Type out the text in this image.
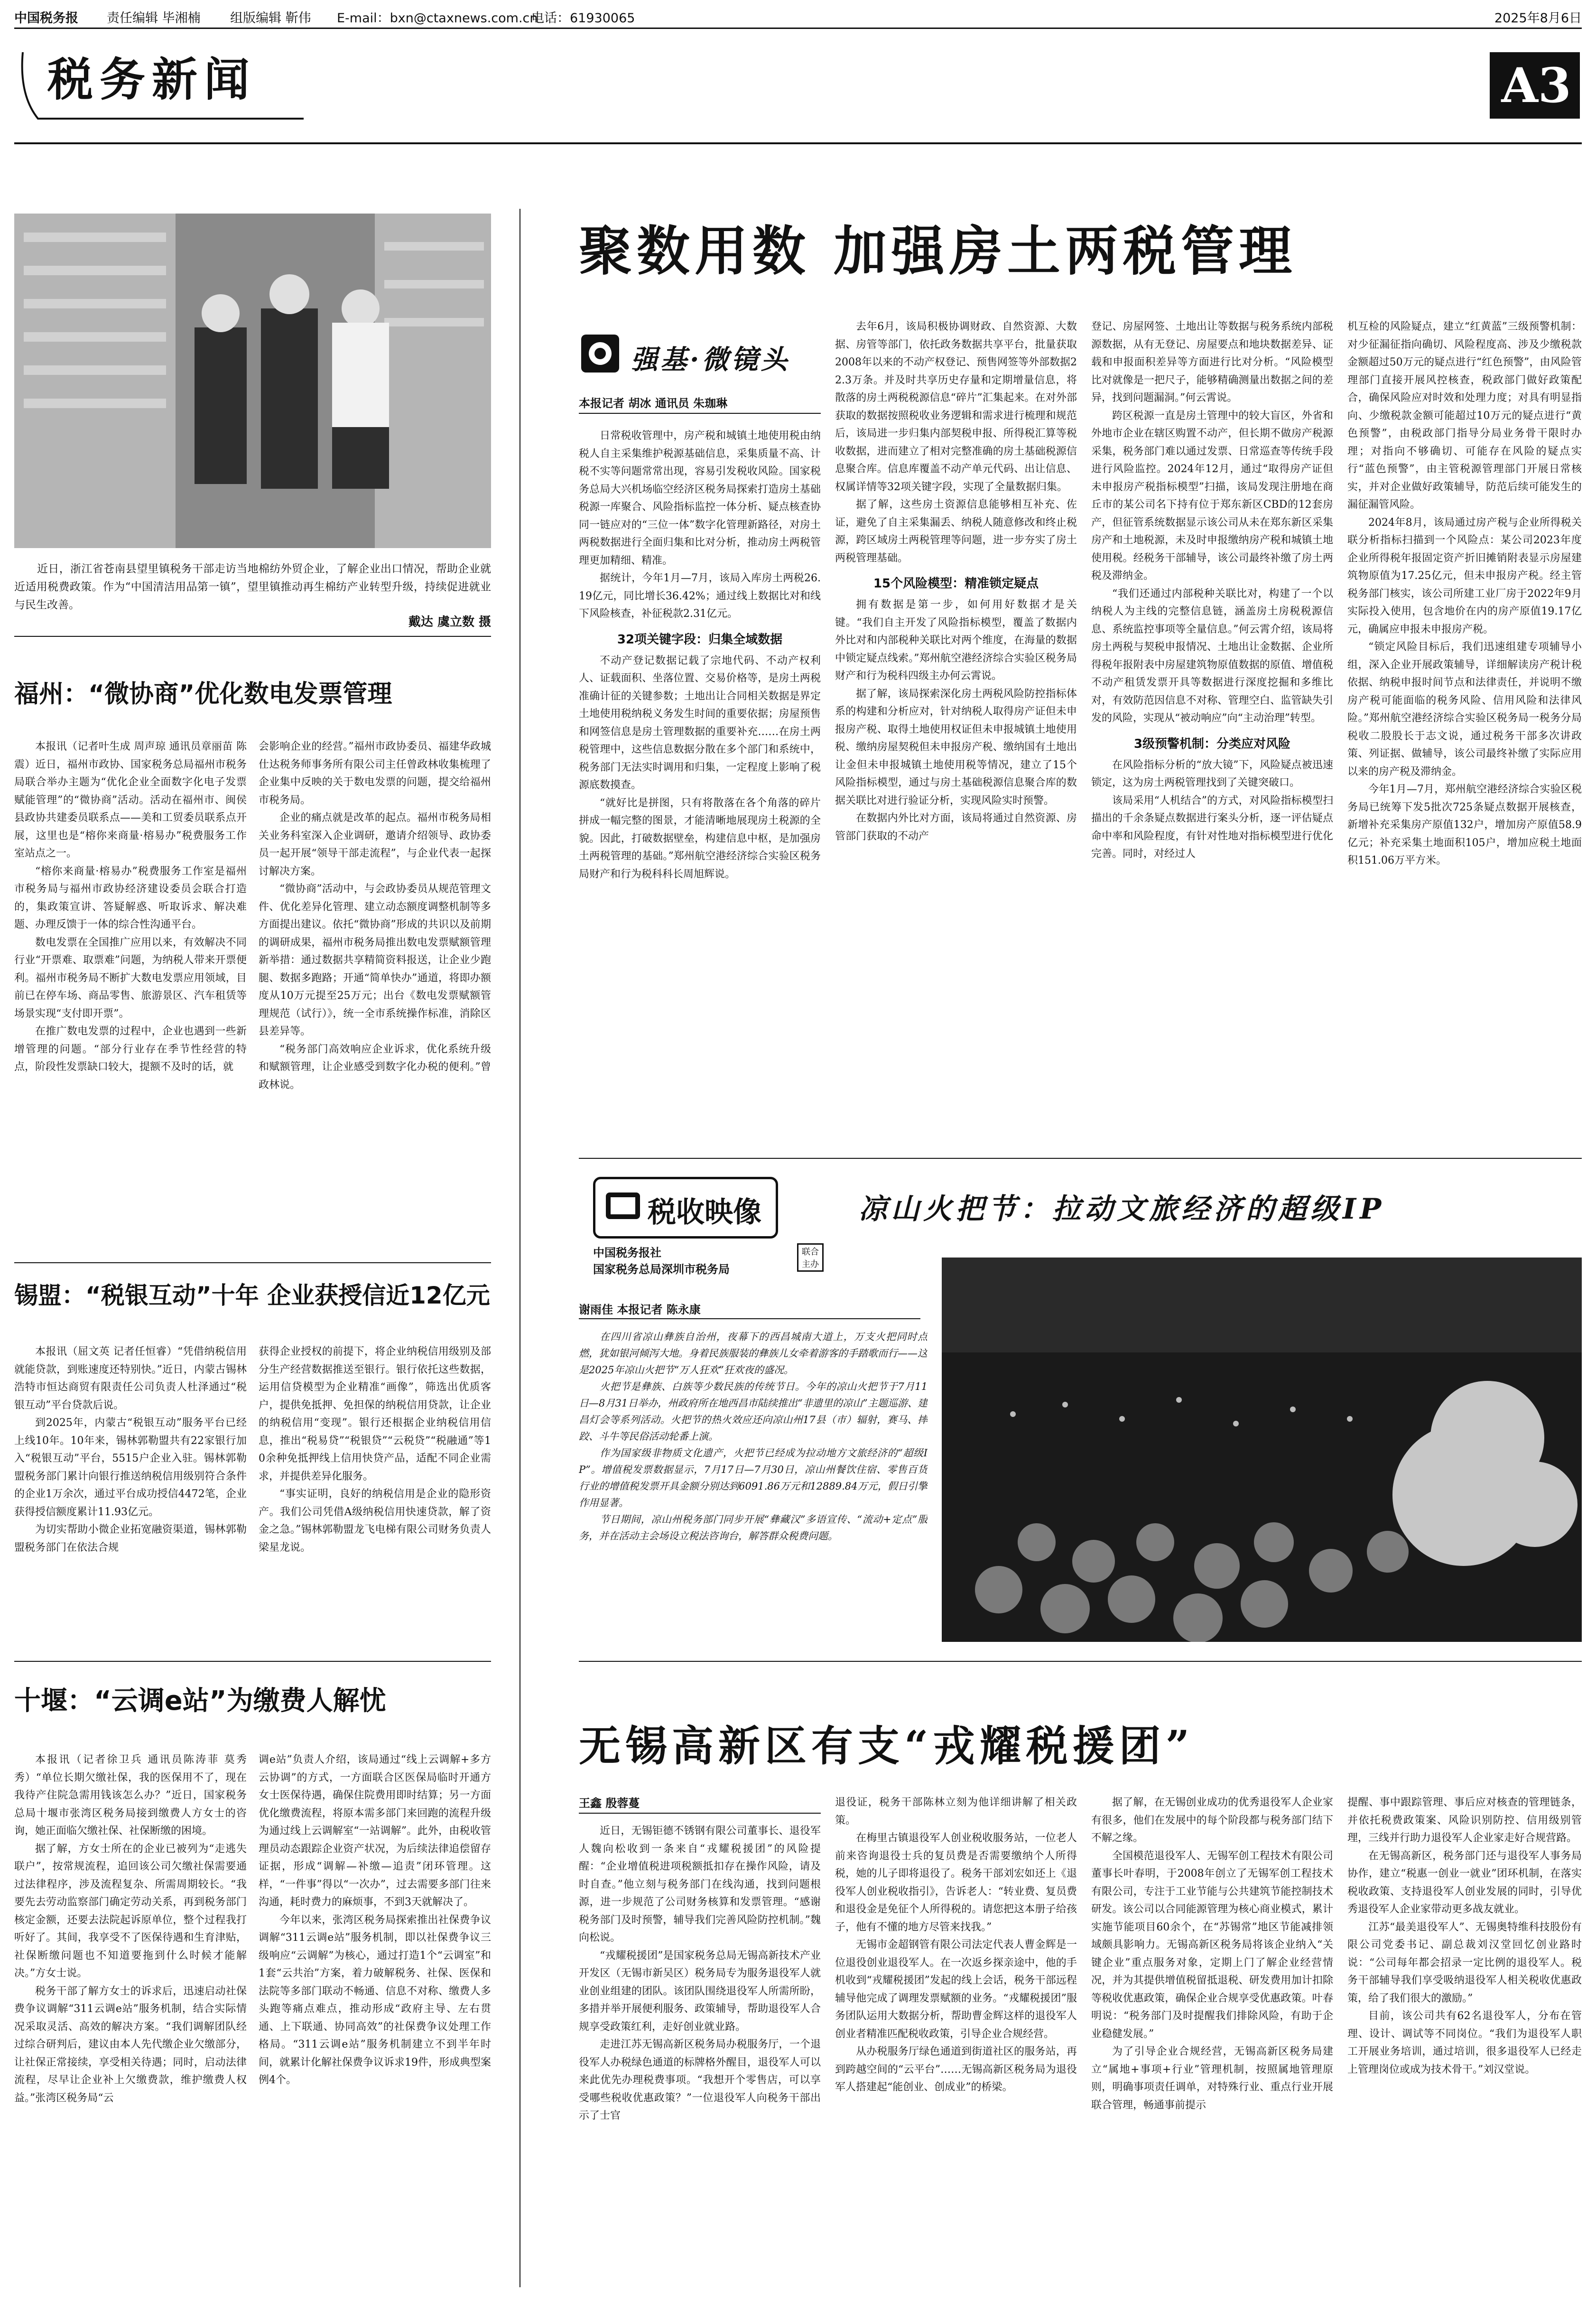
中国税务报 责任编辑 毕湘楠 组版编辑 靳伟 E-mail：bxn@ctaxnews.com.cn
电话：61930065	2025年8月6日
税务新闻	A3
近日，浙江省苍南县望里镇税务干部走访当地棉纺外贸企业，了解企业出口情况，帮助企业就近适用税费政策。作为“中国清洁用品第一镇”，望里镇推动再生棉纺产业转型升级，持续促进就业与民生改善。
戴达 虞立数 摄
福州：“微协商”优化数电发票管理

本报讯（记者叶生成 周声琼 通讯员章丽苗 陈震）近日，福州市政协、国家税务总局福州市税务局联合举办主题为“优化企业全面数字化电子发票赋能管理”的“微协商”活动。活动在福州市、闽侯县政协共建委员联系点——美和工贸委员联系点开展，这里也是“榕你来商量·榕易办”税费服务工作室站点之一。

“榕你来商量·榕易办”税费服务工作室是福州市税务局与福州市政协经济建设委员会联合打造的，集政策宣讲、答疑解惑、听取诉求、解决难题、办理反馈于一体的综合性沟通平台。

数电发票在全国推广应用以来，有效解决不同行业“开票难、取票难”问题，为纳税人带来开票便利。福州市税务局不断扩大数电发票应用领域，目前已在停车场、商品零售、旅游景区、汽车租赁等场景实现“支付即开票”。

在推广数电发票的过程中，企业也遇到一些新增管理的问题。“部分行业存在季节性经营的特点，阶段性发票缺口较大，提额不及时的话，就

会影响企业的经营。”福州市政协委员、福建华政城仕达税务师事务所有限公司主任曾政林收集梳理了企业集中反映的关于数电发票的问题，提交给福州市税务局。

企业的痛点就是改革的起点。福州市税务局相关业务科室深入企业调研，邀请介绍领导、政协委员一起开展“领导干部走流程”，与企业代表一起探讨解决方案。

“微协商”活动中，与会政协委员从规范管理文件、优化差异化管理、建立动态额度调整机制等多方面提出建议。依托“微协商”形成的共识以及前期的调研成果，福州市税务局推出数电发票赋额管理新举措：通过数据共享精简资料报送，让企业少跑腿、数据多跑路；开通“简单快办”通道，将即办额度从10万元提至25万元；出台《数电发票赋额管理规范（试行）》，统一全市系统操作标准，消除区县差异等。

“税务部门高效响应企业诉求，优化系统升级和赋额管理，让企业感受到数字化办税的便利。”曾政林说。

锡盟：“税银互动”十年 企业获授信近12亿元

本报讯（屈文英 记者任恒睿）“凭借纳税信用就能贷款，到账速度还特别快。”近日，内蒙古锡林浩特市恒达商贸有限责任公司负责人杜泽通过“税银互动”平台贷款后说。

到2025年，内蒙古“税银互动”服务平台已经上线10年。10年来，锡林郭勒盟共有22家银行加入“税银互动”平台，5515户企业入驻。锡林郭勒盟税务部门累计向银行推送纳税信用级别符合条件的企业1万余次，通过平台成功授信4472笔，企业获得授信额度累计11.93亿元。

为切实帮助小微企业拓宽融资渠道，锡林郭勒盟税务部门在依法合规

获得企业授权的前提下，将企业纳税信用级别及部分生产经营数据推送至银行。银行依托这些数据，运用信贷模型为企业精准“画像”，筛选出优质客户，提供免抵押、免担保的纳税信用贷款，让企业的纳税信用“变现”。银行还根据企业纳税信用信息，推出“税易贷”“税银贷”“云税贷”“税融通”等10余种免抵押线上信用快贷产品，适配不同企业需求，并提供差异化服务。

“事实证明，良好的纳税信用是企业的隐形资产。我们公司凭借A级纳税信用快速贷款，解了资金之急。”锡林郭勒盟龙飞电梯有限公司财务负责人梁星龙说。

十堰：“云调e站”为缴费人解忧

本报讯（记者徐卫兵 通讯员陈涛菲 莫秀秀）“单位长期欠缴社保，我的医保用不了，现在我待产住院急需用钱该怎么办？”近日，国家税务总局十堰市张湾区税务局接到缴费人方女士的咨询，她正面临欠缴社保、社保断缴的困境。

据了解，方女士所在的企业已被列为“走逃失联户”，按常规流程，追回该公司欠缴社保需要通过法律程序，涉及流程复杂、所需周期较长。“我要先去劳动监察部门确定劳动关系，再到税务部门核定金额，还要去法院起诉原单位，整个过程我打听好了。其间，我享受不了医保待遇和生育津贴，社保断缴问题也不知道要拖到什么时候才能解决。”方女士说。

税务干部了解方女士的诉求后，迅速启动社保费争议调解“311云调e站”服务机制，结合实际情况采取灵活、高效的解决方案。“我们调解团队经过综合研判后，建议由本人先代缴企业欠缴部分，让社保正常接续，享受相关待遇；同时，启动法律流程，尽早让企业补上欠缴费款，维护缴费人权益。”张湾区税务局“云

调e站”负责人介绍，该局通过“线上云调解+多方云协调”的方式，一方面联合区医保局临时开通方女士医保待遇，确保住院费用即时结算；另一方面优化缴费流程，将原本需多部门来回跑的流程升级为通过线上云调解室“一站调解”。此外，由税收管理员动态跟踪企业资产状况，为后续法律追偿留存证据，形成“调解—补缴—追责”闭环管理。这样，“一件事”得以“一次办”，过去需要多部门往来沟通，耗时费力的麻烦事，不到3天就解决了。

今年以来，张湾区税务局探索推出社保费争议调解“311云调e站”服务机制，即以社保费争议三级响应“云调解”为核心，通过打造1个“云调室”和1套“云共治”方案，着力破解税务、社保、医保和法院等多部门联动不畅通、信息不对称、缴费人多头跑等痛点难点，推动形成“政府主导、左右贯通、上下联通、协同高效”的社保费争议处理工作格局。“311云调e站”服务机制建立不到半年时间，就累计化解社保费争议诉求19件，形成典型案例4个。

聚数用数 加强房土两税管理
强基·微镜头
本报记者 胡冰 通讯员 朱珈琳

日常税收管理中，房产税和城镇土地使用税由纳税人自主采集维护税源基础信息，采集质量不高、计税不实等问题常常出现，容易引发税收风险。国家税务总局大兴机场临空经济区税务局探索打造房土基础税源一库聚合、风险指标监控一体分析、疑点核查协同一链应对的“三位一体”数字化管理新路径，对房土两税数据进行全面归集和比对分析，推动房土两税管理更加精细、精准。

据统计，今年1月—7月，该局入库房土两税26.19亿元，同比增长36.42%；通过线上数据比对和线下风险核查，补征税款2.31亿元。

32项关键字段：归集全域数据

不动产登记数据记载了宗地代码、不动产权利人、证载面积、坐落位置、交易价格等，是房土两税准确计征的关键参数；土地出让合同相关数据是界定土地使用税纳税义务发生时间的重要依据；房屋预售和网签信息是房土管理数据的重要补充……在房土两税管理中，这些信息数据分散在多个部门和系统中，税务部门无法实时调用和归集，一定程度上影响了税源底数摸查。

“就好比是拼图，只有将散落在各个角落的碎片拼成一幅完整的图景，才能清晰地展现房土税源的全貌。因此，打破数据壁垒，构建信息中枢，是加强房土两税管理的基础。”郑州航空港经济综合实验区税务局财产和行为税科科长周旭辉说。

去年6月，该局积极协调财政、自然资源、大数据、房管等部门，依托政务数据共享平台，批量获取2008年以来的不动产权登记、预售网签等外部数据22.3万条。并及时共享历史存量和定期增量信息，将散落的房土两税税源信息“碎片”汇集起来。在对外部获取的数据按照税收业务逻辑和需求进行梳理和规范后，该局进一步归集内部契税申报、所得税汇算等税收数据，进而建立了相对完整准确的房土基础税源信息聚合库。信息库覆盖不动产单元代码、出让信息、权属详情等32项关键字段，实现了全量数据归集。

据了解，这些房土资源信息能够相互补充、佐证，避免了自主采集漏丢、纳税人随意修改和终止税源，跨区域房土两税管理等问题，进一步夯实了房土两税管理基础。

15个风险模型：精准锁定疑点

拥有数据是第一步，如何用好数据才是关键。“我们自主开发了风险指标模型，覆盖了数据内外比对和内部税种关联比对两个维度，在海量的数据中锁定疑点线索。”郑州航空港经济综合实验区税务局财产和行为税科四级主办何云霄说。

据了解，该局探索深化房土两税风险防控指标体系的构建和分析应对，针对纳税人取得房产证但未申报房产税、取得土地使用权证但未申报城镇土地使用税、缴纳房屋契税但未申报房产税、缴纳国有土地出让金但未申报城镇土地使用税等情况，建立了15个风险指标模型，通过与房土基础税源信息聚合库的数据关联比对进行验证分析，实现风险实时预警。

在数据内外比对方面，该局将通过自然资源、房管部门获取的不动产

登记、房屋网签、土地出让等数据与税务系统内部税源数据，从有无登记、房屋要点和地块数据差异、证载和申报面积差异等方面进行比对分析。“风险模型比对就像是一把尺子，能够精确测量出数据之间的差异，找到问题漏洞。”何云霄说。

跨区税源一直是房土管理中的较大盲区，外省和外地市企业在辖区购置不动产，但长期不做房产税源采集，税务部门难以通过发票、日常巡查等传统手段进行风险监控。2024年12月，通过“取得房产证但未申报房产税指标模型”扫描，该局发现注册地在商丘市的某公司名下持有位于郑东新区CBD的12套房产，但征管系统数据显示该公司从未在郑东新区采集房产和土地税源，未及时申报缴纳房产税和城镇土地使用税。经税务干部辅导，该公司最终补缴了房土两税及滞纳金。

“我们还通过内部税种关联比对，构建了一个以纳税人为主线的完整信息链，涵盖房土房税税源信息、系统监控事项等全量信息。”何云霄介绍，该局将房土两税与契税申报情况、土地出让金数据、企业所得税年报附表中房屋建筑物原值数据的原值、增值税不动产租赁发票开具等数据进行深度挖掘和多维比对，有效防范因信息不对称、管理空白、监管缺失引发的风险，实现从“被动响应”向“主动治理”转型。

3级预警机制：分类应对风险

在风险指标分析的“放大镜”下，风险疑点被迅速锁定，这为房土两税管理找到了关键突破口。

该局采用“人机结合”的方式，对风险指标模型扫描出的千余条疑点数据进行案头分析，逐一评估疑点命中率和风险程度，有针对性地对指标模型进行优化完善。同时，对经过人

机互检的风险疑点，建立“红黄蓝”三级预警机制：对少征漏征指向确切、风险程度高、涉及少缴税款金额超过50万元的疑点进行“红色预警”，由风险管理部门直接开展风控核查，税政部门做好政策配合，确保风险应对时效和处理力度；对具有明显指向、少缴税款金额可能超过10万元的疑点进行“黄色预警”，由税政部门指导分局业务骨干限时办理；对指向不够确切、可能存在风险的疑点实行“蓝色预警”，由主管税源管理部门开展日常核实，并对企业做好政策辅导，防范后续可能发生的漏征漏管风险。

2024年8月，该局通过房产税与企业所得税关联分析指标扫描到一个风险点：某公司2023年度企业所得税年报固定资产折旧摊销附表显示房屋建筑物原值为17.25亿元，但未申报房产税。经主管税务部门核实，该公司所建工业厂房于2022年9月实际投入使用，包含地价在内的房产原值19.17亿元，确属应申报未申报房产税。

“锁定风险目标后，我们迅速组建专项辅导小组，深入企业开展政策辅导，详细解读房产税计税依据、纳税申报时间节点和法律责任，并说明不缴房产税可能面临的税务风险、信用风险和法律风险。”郑州航空港经济综合实验区税务局一税务分局税收二股股长于志文说，通过税务干部多次讲政策、列证据、做辅导，该公司最终补缴了实际应用以来的房产税及滞纳金。

今年1月—7月，郑州航空港经济综合实验区税务局已统筹下发5批次725条疑点数据开展核查，新增补充采集房产原值132户，增加房产原值58.9亿元；补充采集土地面积105户，增加应税土地面积151.06万平方米。

税收映像
中国税务报社
国家税务总局深圳市税务局
联合主办
凉山火把节：拉动文旅经济的超级IP
谢雨佳 本报记者 陈永康

在四川省凉山彝族自治州，夜幕下的西昌城南大道上，万支火把同时点燃，犹如银河倾泻大地。身着民族服装的彝族儿女牵着游客的手踏歌而行——这是2025年凉山火把节“万人狂欢”狂欢夜的盛况。

火把节是彝族、白族等少数民族的传统节日。今年的凉山火把节于7月11日—8月31日举办，州政府所在地西昌市陆续推出“非遗里的凉山”主题巡游、建昌灯会等系列活动。火把节的热火效应还向凉山州17县（市）辐射，赛马、摔跤、斗牛等民俗活动轮番上演。

作为国家级非物质文化遗产，火把节已经成为拉动地方文旅经济的“超级IP”。增值税发票数据显示，7月17日—7月30日，凉山州餐饮住宿、零售百货行业的增值税发票开具金额分别达到6091.86万元和12889.84万元，假日引擎作用显著。

节日期间，凉山州税务部门同步开展“彝藏汉”多语宣传、“流动+定点”服务，并在活动主会场设立税法咨询台，解答群众税费问题。

无锡高新区有支“戎耀税援团”
王鑫 殷蓉蔓

近日，无锡钜德不锈钢有限公司董事长、退役军人魏向松收到一条来自“戎耀税援团”的风险提醒：“企业增值税进项税额抵扣存在操作风险，请及时自查。”他立刻与税务部门在线沟通，找到问题根源，进一步规范了公司财务核算和发票管理。“感谢税务部门及时预警，辅导我们完善风险防控机制。”魏向松说。

“戎耀税援团”是国家税务总局无锡高新技术产业开发区（无锡市新吴区）税务局专为服务退役军人就业创业组建的团队。该团队围绕退役军人所需所盼，多措并举开展便利服务、政策辅导，帮助退役军人合规享受政策红利，走好创业就业路。

走进江苏无锡高新区税务局办税服务厅，一个退役军人办税绿色通道的标牌格外醒目，退役军人可以来此优先办理税费事项。“我想开个零售店，可以享受哪些税收优惠政策？”一位退役军人向税务干部出示了士官

退役证，税务干部陈林立刻为他详细讲解了相关政策。

在梅里古镇退役军人创业税收服务站，一位老人前来咨询退役士兵的复员费是否需要缴纳个人所得税，她的儿子即将退役了。税务干部刘宏如还上《退役军人创业税收指引》，告诉老人：“转业费、复员费和退役金是免征个人所得税的。请您把这本册子给孩子，他有不懂的地方尽管来找我。”

无锡市金超钢管有限公司法定代表人曹金辉是一位退役创业退役军人。在一次返乡探亲途中，他的手机收到“戎耀税援团”发起的线上会话，税务干部远程辅导他完成了调理发票赋额的业务。“戎耀税援团”服务团队运用大数据分析，帮助曹金辉这样的退役军人创业者精准匹配税收政策，引导企业合规经营。

从办税服务厅绿色通道到街道社区的服务站，再到跨越空间的“云平台”……无锡高新区税务局为退役军人搭建起“能创业、创成业”的桥梁。

据了解，在无锡创业成功的优秀退役军人企业家有很多，他们在发展中的每个阶段都与税务部门结下不解之缘。

全国模范退役军人、无锡军创工程技术有限公司董事长叶春明，于2008年创立了无锡军创工程技术有限公司，专注于工业节能与公共建筑节能控制技术研发。该公司以合同能源管理为核心商业模式，累计实施节能项目60余个，在“苏锡常”地区节能减排领域颇具影响力。无锡高新区税务局将该企业纳入“关键企业”重点服务对象，定期上门了解企业经营情况，并为其提供增值税留抵退税、研发费用加计扣除等税收优惠政策，确保企业合规享受优惠政策。叶春明说：“税务部门及时提醒我们排除风险，有助于企业稳健发展。”

为了引导企业合规经营，无锡高新区税务局建立“属地+事项+行业”管理机制，按照属地管理原则，明确事项责任调单，对特殊行业、重点行业开展联合管理，畅通事前提示

提醒、事中跟踪管理、事后应对核查的管理链条，并依托税费政策案、风险识别防控、信用级别管理，三线并行助力退役军人企业家走好合规营路。

在无锡高新区，税务部门还与退役军人事务局协作，建立“税惠一创业一就业”团环机制，在落实税收政策、支持退役军人创业发展的同时，引导优秀退役军人企业家带动更多战友就业。

江苏“最美退役军人”、无锡奥特维科技股份有限公司党委书记、副总裁刘汉堂回忆创业路时说：“公司每年都会招录一定比例的退役军人。税务干部辅导我们享受吸纳退役军人相关税收优惠政策，给了我们很大的激励。”

目前，该公司共有62名退役军人，分布在管理、设计、调试等不同岗位。“我们为退役军人职工开展业务培训，通过培训，很多退役军人已经走上管理岗位或成为技术骨干。”刘汉堂说。
